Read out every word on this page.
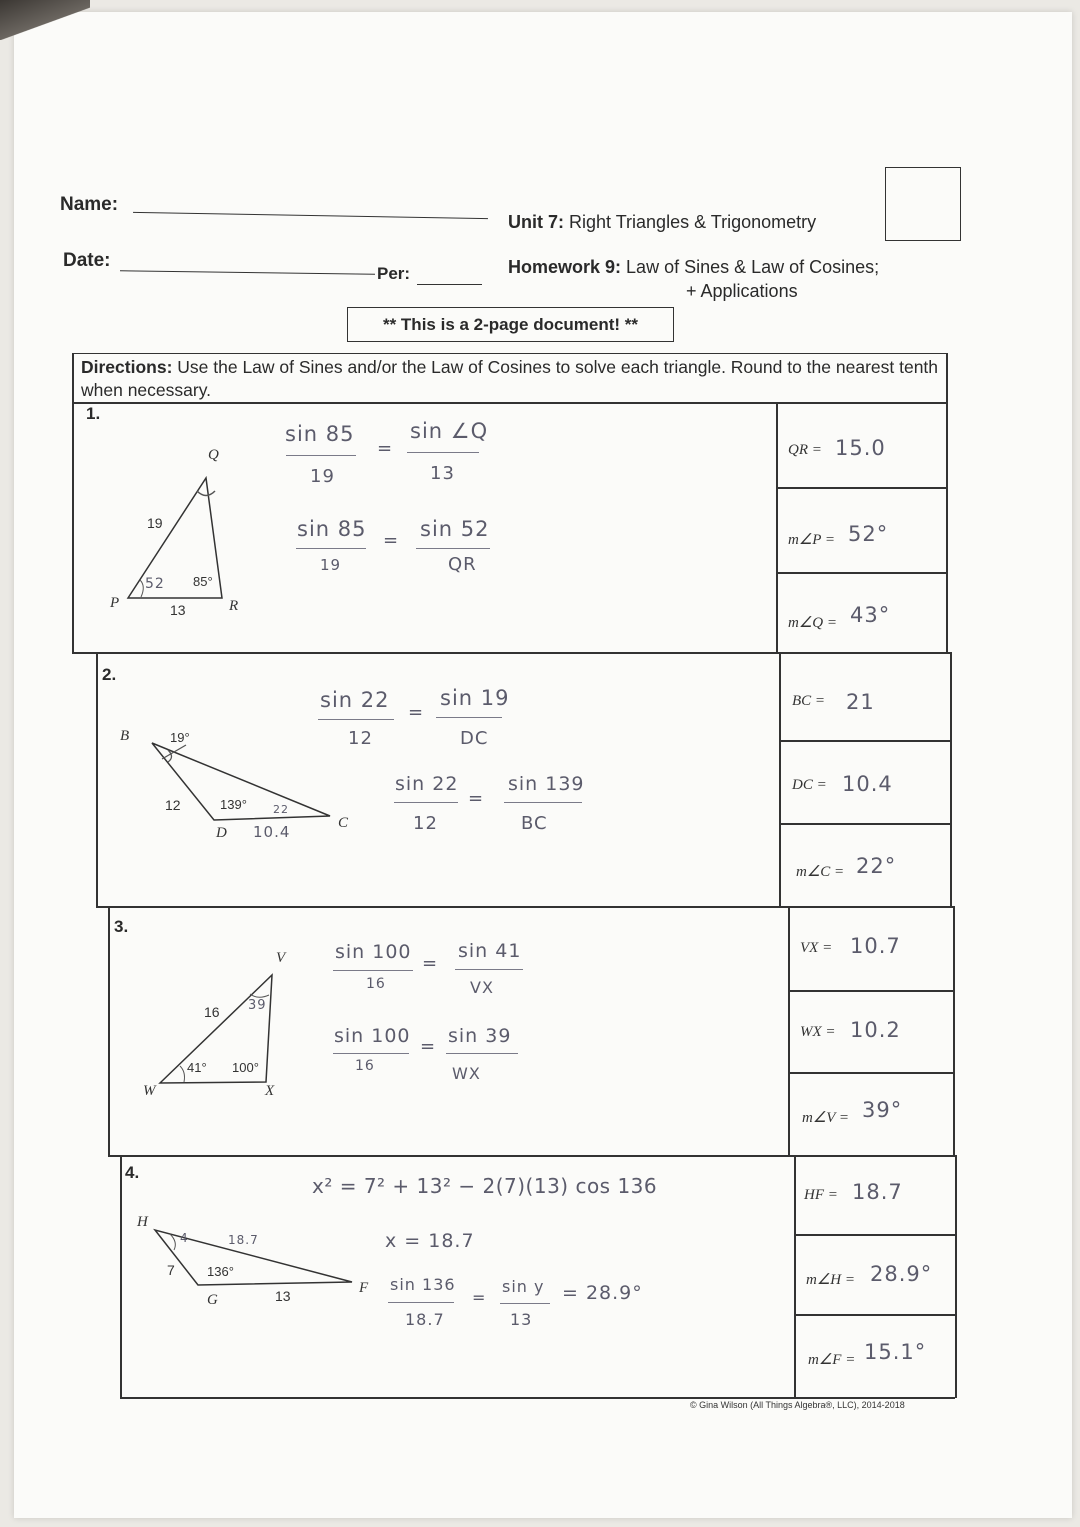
Name:
Date:
Per:
Unit 7: Right Triangles & Trigonometry
Homework 9: Law of Sines & Law of Cosines;
+ Applications
** This is a 2-page document! **
Directions: Use the Law of Sines and/or the Law of Cosines to solve each triangle. Round to the nearest tenth when necessary.
1.
Q
P	R
19
13
85°
52
sin 85
19
=
sin ∠Q
13
sin 85
19
= sin 52
QR
QR = 15.0
m∠P = 52°
m∠Q = 43°
2.
B
D
C
12
10.4
19°
139° 22
sin 22
12
=
sin 19
DC
sin 22
12
=
sin 139
BC
BC = 21
DC = 10.4
m∠C = 22°
3.
V
W	X
16 39
41° 100°
sin 100
16
=
sin 41
VX
sin 100
16
= sin 39
WX
VX = 10.7
WX = 10.2
m∠V = 39°
4.
H
G
F
7
13
18.7
136°
4
x² = 7² + 13² − 2(7)(13) cos 136
x = 18.7
sin 136
18.7
=
sin y
13
= 28.9°
HF = 18.7
m∠H = 28.9°
m∠F = 15.1°
© Gina Wilson (All Things Algebra®, LLC), 2014-2018
